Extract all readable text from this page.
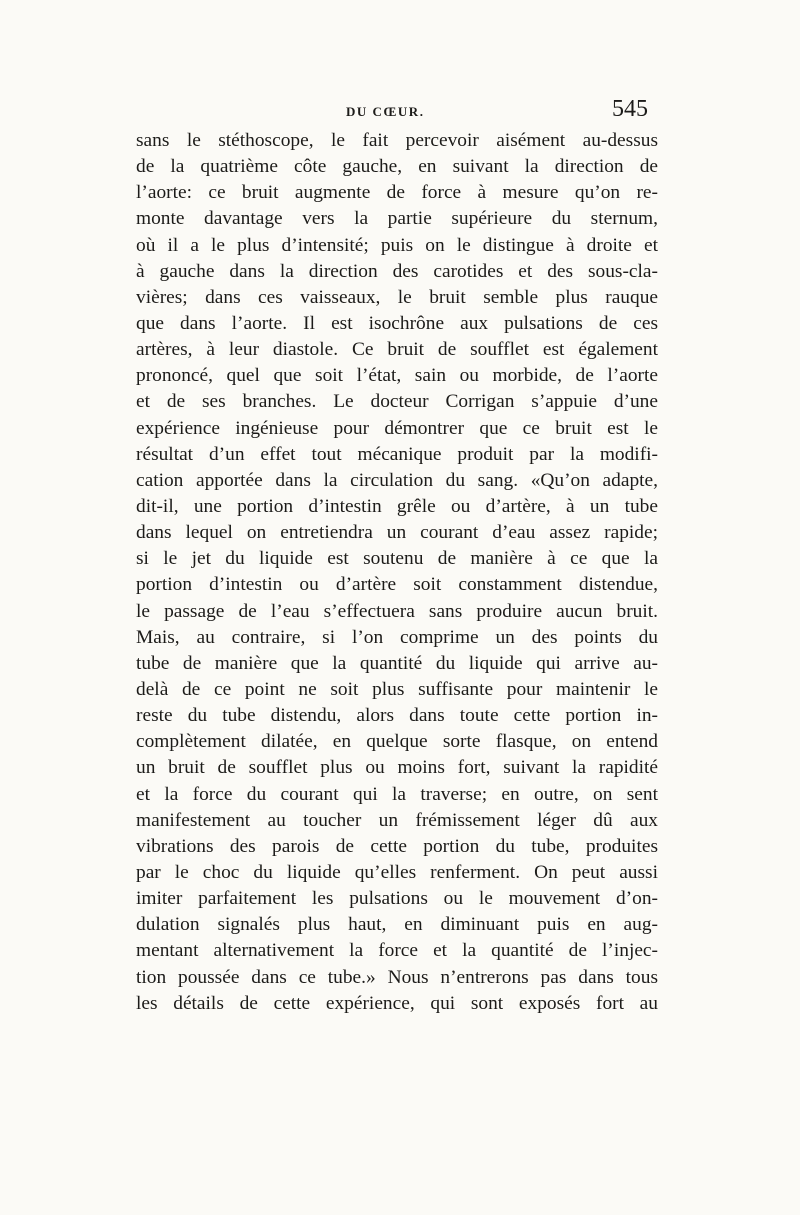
DU CŒUR.	545
sans le stéthoscope, le fait percevoir aisément au-dessus
de la quatrième côte gauche, en suivant la direction de
l’aorte: ce bruit augmente de force à mesure qu’on re-
monte davantage vers la partie supérieure du sternum,
où il a le plus d’intensité; puis on le distingue à droite et
à gauche dans la direction des carotides et des sous-cla-
vières; dans ces vaisseaux, le bruit semble plus rauque
que dans l’aorte. Il est isochrône aux pulsations de ces
artères, à leur diastole. Ce bruit de soufflet est également
prononcé, quel que soit l’état, sain ou morbide, de l’aorte
et de ses branches. Le docteur Corrigan s’appuie d’une
expérience ingénieuse pour démontrer que ce bruit est le
résultat d’un effet tout mécanique produit par la modifi-
cation apportée dans la circulation du sang. «Qu’on adapte,
dit-il, une portion d’intestin grêle ou d’artère, à un tube
dans lequel on entretiendra un courant d’eau assez rapide;
si le jet du liquide est soutenu de manière à ce que la
portion d’intestin ou d’artère soit constamment distendue,
le passage de l’eau s’effectuera sans produire aucun bruit.
Mais, au contraire, si l’on comprime un des points du
tube de manière que la quantité du liquide qui arrive au-
delà de ce point ne soit plus suffisante pour maintenir le
reste du tube distendu, alors dans toute cette portion in-
complètement dilatée, en quelque sorte flasque, on entend
un bruit de soufflet plus ou moins fort, suivant la rapidité
et la force du courant qui la traverse; en outre, on sent
manifestement au toucher un frémissement léger dû aux
vibrations des parois de cette portion du tube, produites
par le choc du liquide qu’elles renferment. On peut aussi
imiter parfaitement les pulsations ou le mouvement d’on-
dulation signalés plus haut, en diminuant puis en aug-
mentant alternativement la force et la quantité de l’injec-
tion poussée dans ce tube.» Nous n’entrerons pas dans tous
les détails de cette expérience, qui sont exposés fort au
